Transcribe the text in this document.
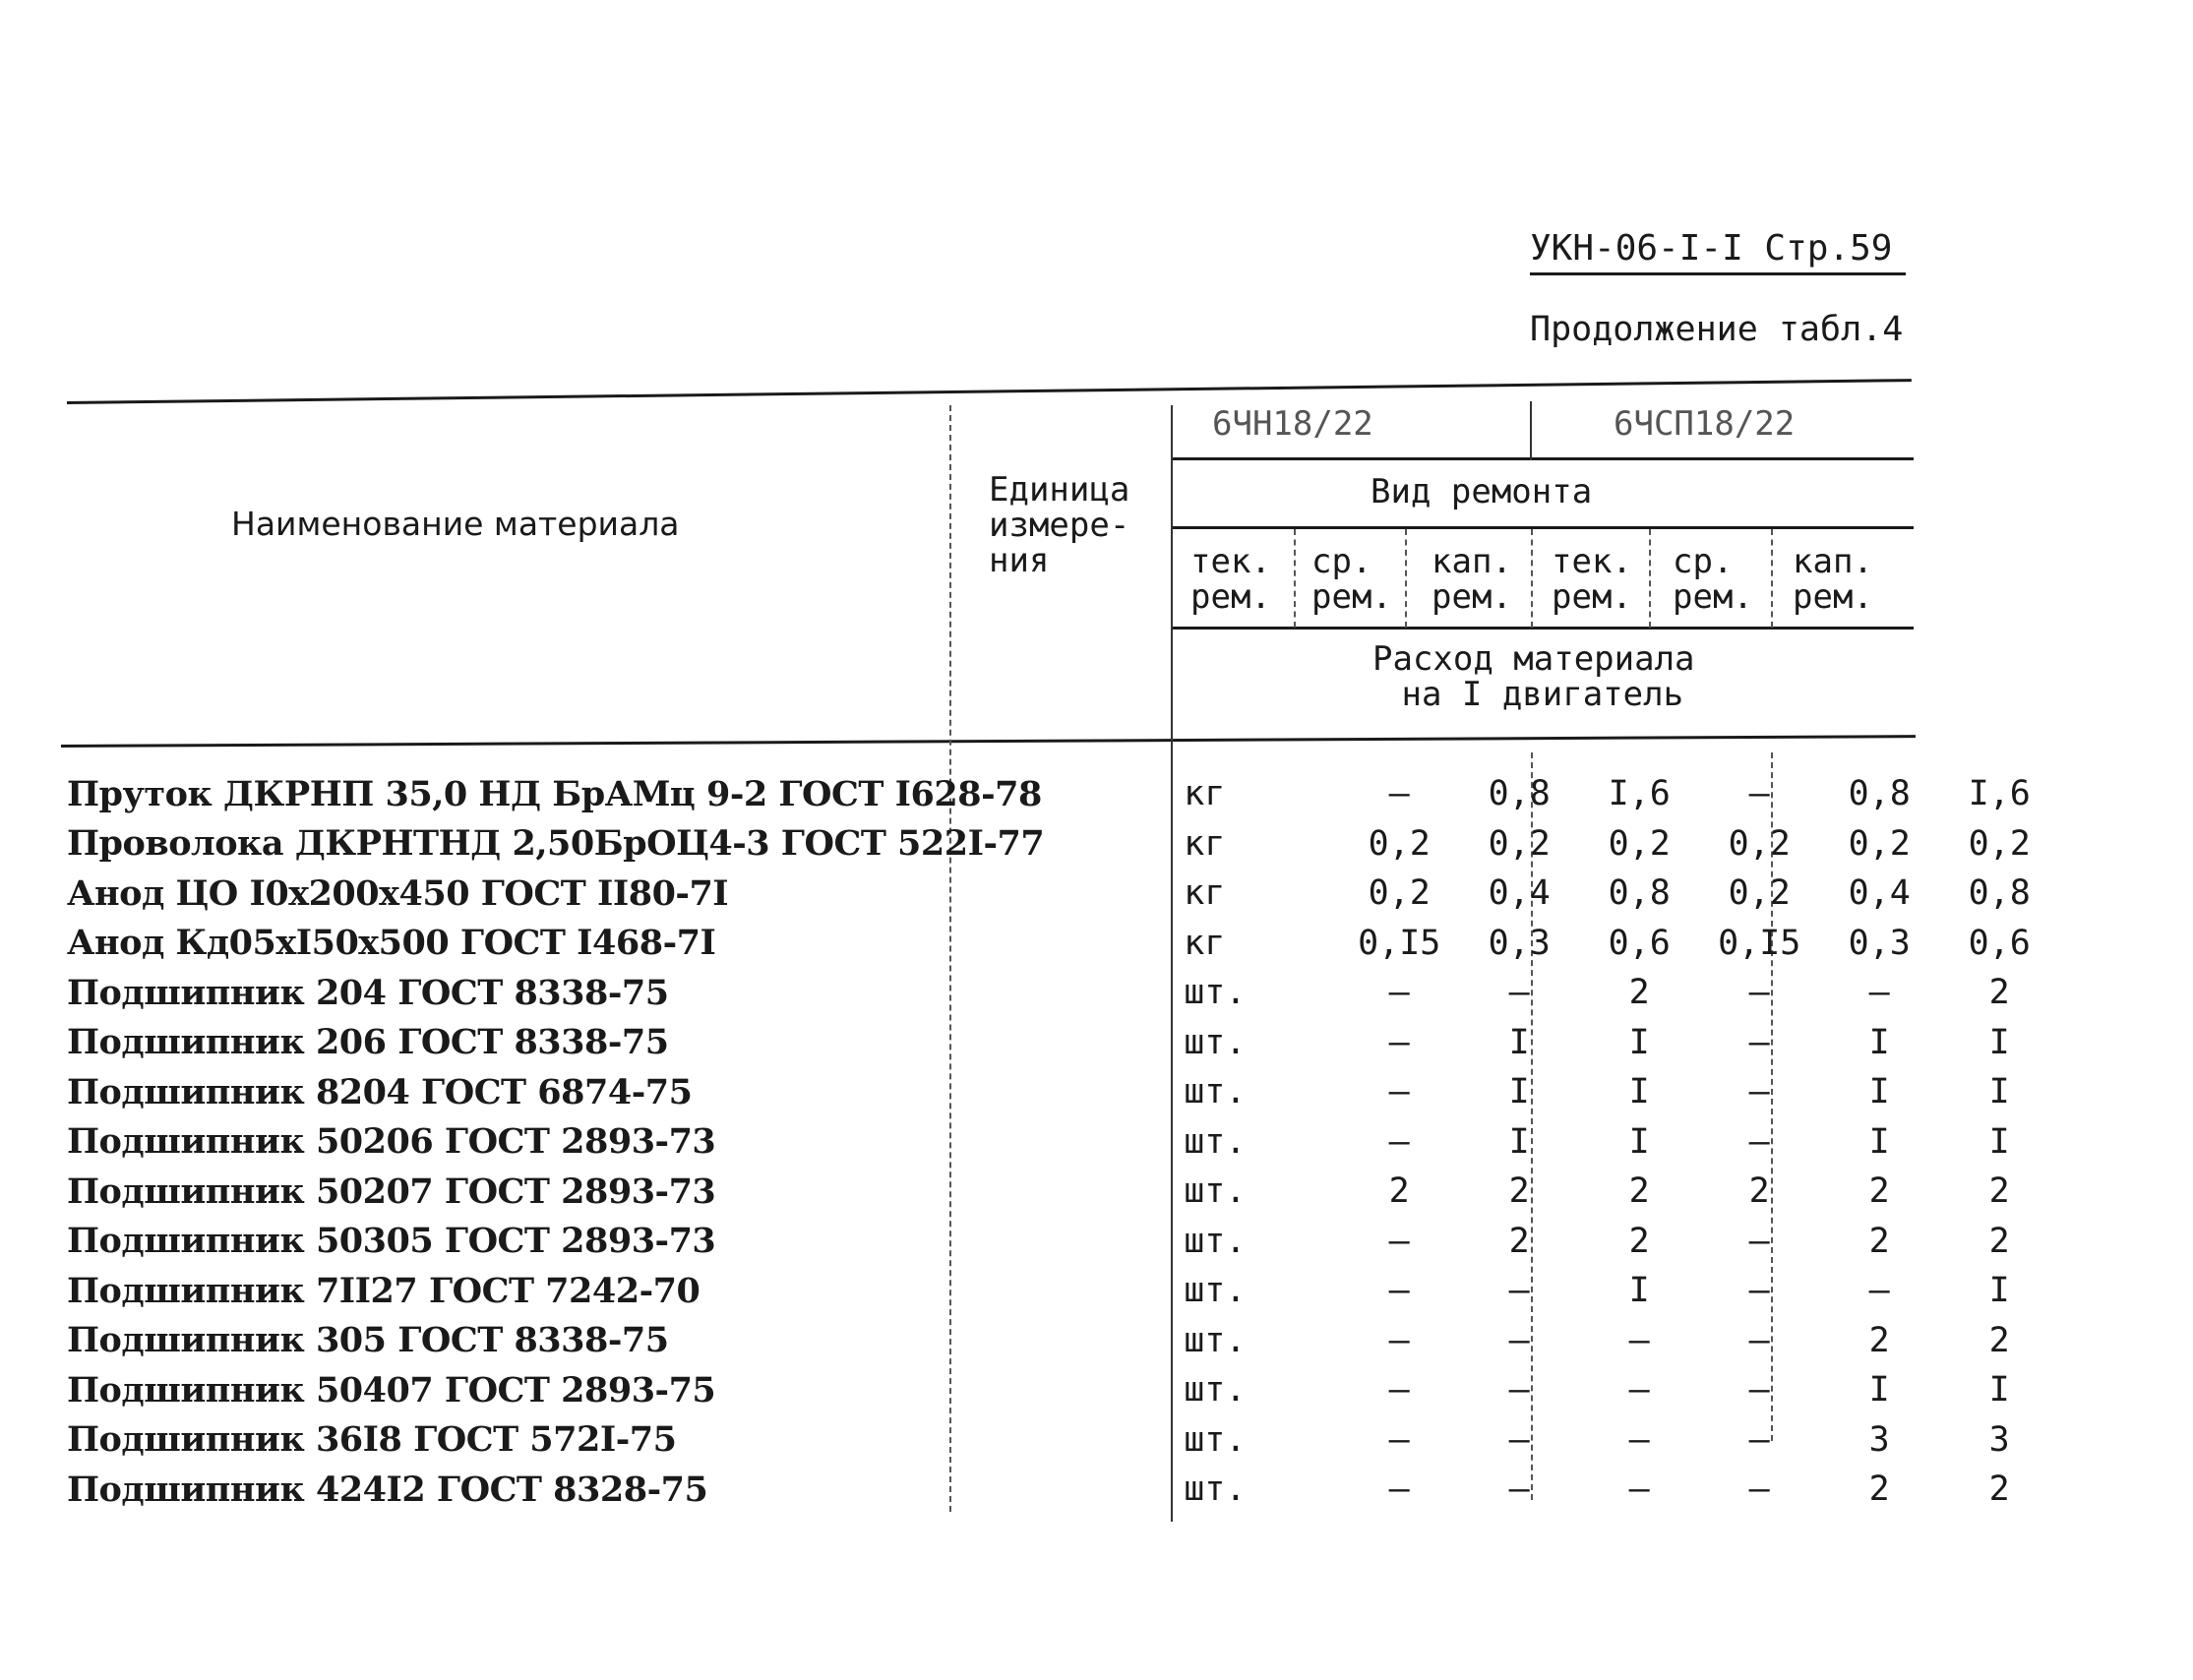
УКН-06-I-I Стр.59
Продолжение табл.4
Наименование материала
Единица
измере-
ния
6ЧН18/22	6ЧСП18/22
Вид ремонта
тек.
рем.
ср.
рем.
кап.
рем.
тек.
рем.
ср.
рем.
кап.
рем.
Расход материала
на I двигатель
Пруток ДКРНП 35,0 НД БрАМц 9-2 ГОСТ I628-78	кг	–	0,8	I,6	–	0,8	I,6
Проволока ДКРНТНД 2,50БрОЦ4-3 ГОСТ 522I-77	кг	0,2	0,2	0,2	0,2	0,2	0,2
Анод ЦО I0х200х450 ГОСТ II80-7I	кг	0,2	0,4	0,8	0,2	0,4	0,8
Анод Кд05хI50х500 ГОСТ I468-7I	кг	0,I5	0,3	0,6	0,I5	0,3	0,6
Подшипник 204 ГОСТ 8338-75	шт.	–	–	2	–	–	2
Подшипник 206 ГОСТ 8338-75	шт.	–	I	I	–	I	I
Подшипник 8204 ГОСТ 6874-75	шт.	–	I	I	–	I	I
Подшипник 50206 ГОСТ 2893-73	шт.	–	I	I	–	I	I
Подшипник 50207 ГОСТ 2893-73	шт.	2	2	2	2	2	2
Подшипник 50305 ГОСТ 2893-73	шт.	–	2	2	–	2	2
Подшипник 7II27 ГОСТ 7242-70	шт.	–	–	I	–	–	I
Подшипник 305 ГОСТ 8338-75	шт.	–	–	–	–	2	2
Подшипник 50407 ГОСТ 2893-75	шт.	–	–	–	–	I	I
Подшипник 36I8 ГОСТ 572I-75	шт.	–	–	–	–	3	3
Подшипник 424I2 ГОСТ 8328-75	шт.	–	–	–	–	2	2
